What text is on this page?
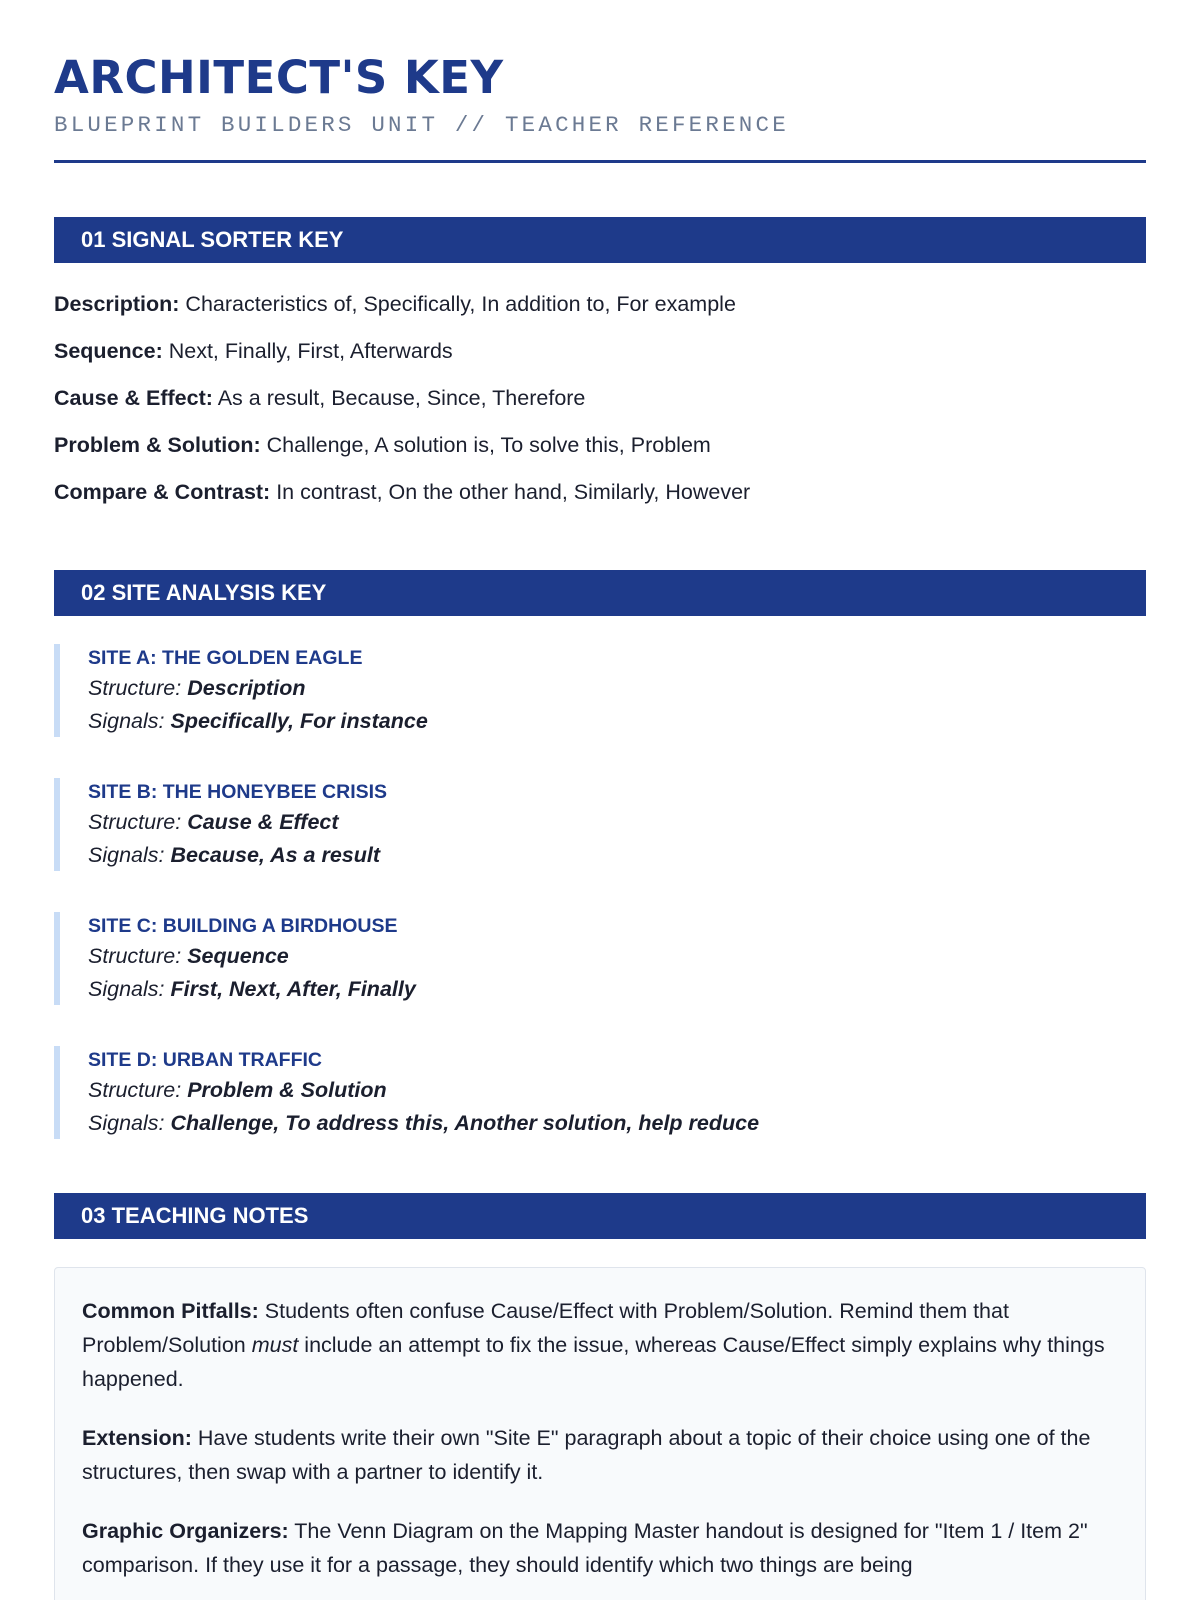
ARCHITECT'S KEY
BLUEPRINT BUILDERS UNIT // TEACHER REFERENCE
01 SIGNAL SORTER KEY
Description: Characteristics of, Specifically, In addition to, For example
Sequence: Next, Finally, First, Afterwards
Cause & Effect: As a result, Because, Since, Therefore
Problem & Solution: Challenge, A solution is, To solve this, Problem
Compare & Contrast: In contrast, On the other hand, Similarly, However
02 SITE ANALYSIS KEY
SITE A: THE GOLDEN EAGLE
Structure: Description
Signals: Specifically, For instance
SITE B: THE HONEYBEE CRISIS
Structure: Cause & Effect
Signals: Because, As a result
SITE C: BUILDING A BIRDHOUSE
Structure: Sequence
Signals: First, Next, After, Finally
SITE D: URBAN TRAFFIC
Structure: Problem & Solution
Signals: Challenge, To address this, Another solution, help reduce
03 TEACHING NOTES

Common Pitfalls: Students often confuse Cause/Effect with Problem/Solution. Remind them that Problem/Solution must include an attempt to fix the issue, whereas Cause/Effect simply explains why things happened.

Extension: Have students write their own "Site E" paragraph about a topic of their choice using one of the structures, then swap with a partner to identify it.

Graphic Organizers: The Venn Diagram on the Mapping Master handout is designed for "Item 1 / Item 2" comparison. If they use it for a passage, they should identify which two things are being
